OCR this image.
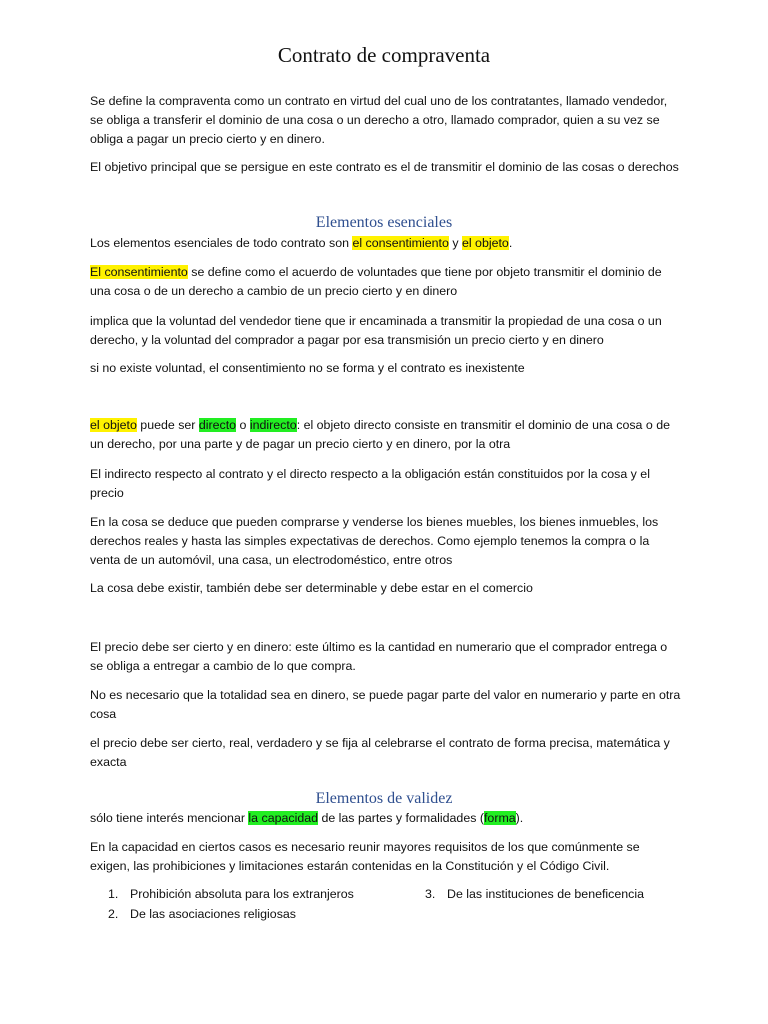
Contrato de compraventa

Se define la compraventa como un contrato en virtud del cual uno de los contratantes, llamado vendedor, se obliga a transferir el dominio de una cosa o un derecho a otro, llamado comprador, quien a su vez se obliga a pagar un precio cierto y en dinero.

El objetivo principal que se persigue en este contrato es el de transmitir el dominio de las cosas o derechos

Elementos esenciales

Los elementos esenciales de todo contrato son el consentimiento y el objeto.

El consentimiento se define como el acuerdo de voluntades que tiene por objeto transmitir el dominio de una cosa o de un derecho a cambio de un precio cierto y en dinero

implica que la voluntad del vendedor tiene que ir encaminada a transmitir la propiedad de una cosa o un derecho, y la voluntad del comprador a pagar por esa transmisión un precio cierto y en dinero

si no existe voluntad, el consentimiento no se forma y el contrato es inexistente

el objeto puede ser directo o indirecto: el objeto directo consiste en transmitir el dominio de una cosa o de un derecho, por una parte y de pagar un precio cierto y en dinero, por la otra

El indirecto respecto al contrato y el directo respecto a la obligación están constituidos por la cosa y el precio

En la cosa se deduce que pueden comprarse y venderse los bienes muebles, los bienes inmuebles, los derechos reales y hasta las simples expectativas de derechos. Como ejemplo tenemos la compra o la venta de un automóvil, una casa, un electrodoméstico, entre otros

La cosa debe existir, también debe ser determinable y debe estar en el comercio

El precio debe ser cierto y en dinero: este último es la cantidad en numerario que el comprador entrega o se obliga a entregar a cambio de lo que compra.

No es necesario que la totalidad sea en dinero, se puede pagar parte del valor en numerario y parte en otra cosa

el precio debe ser cierto, real, verdadero y se fija al celebrarse el contrato de forma precisa, matemática y exacta

Elementos de validez

sólo tiene interés mencionar la capacidad de las partes y formalidades (forma).

En la capacidad en ciertos casos es necesario reunir mayores requisitos de los que comúnmente se exigen, las prohibiciones y limitaciones estarán contenidas en la Constitución y el Código Civil.

1. Prohibición absoluta para los extranjeros
2. De las asociaciones religiosas
3. De las instituciones de beneficencia
